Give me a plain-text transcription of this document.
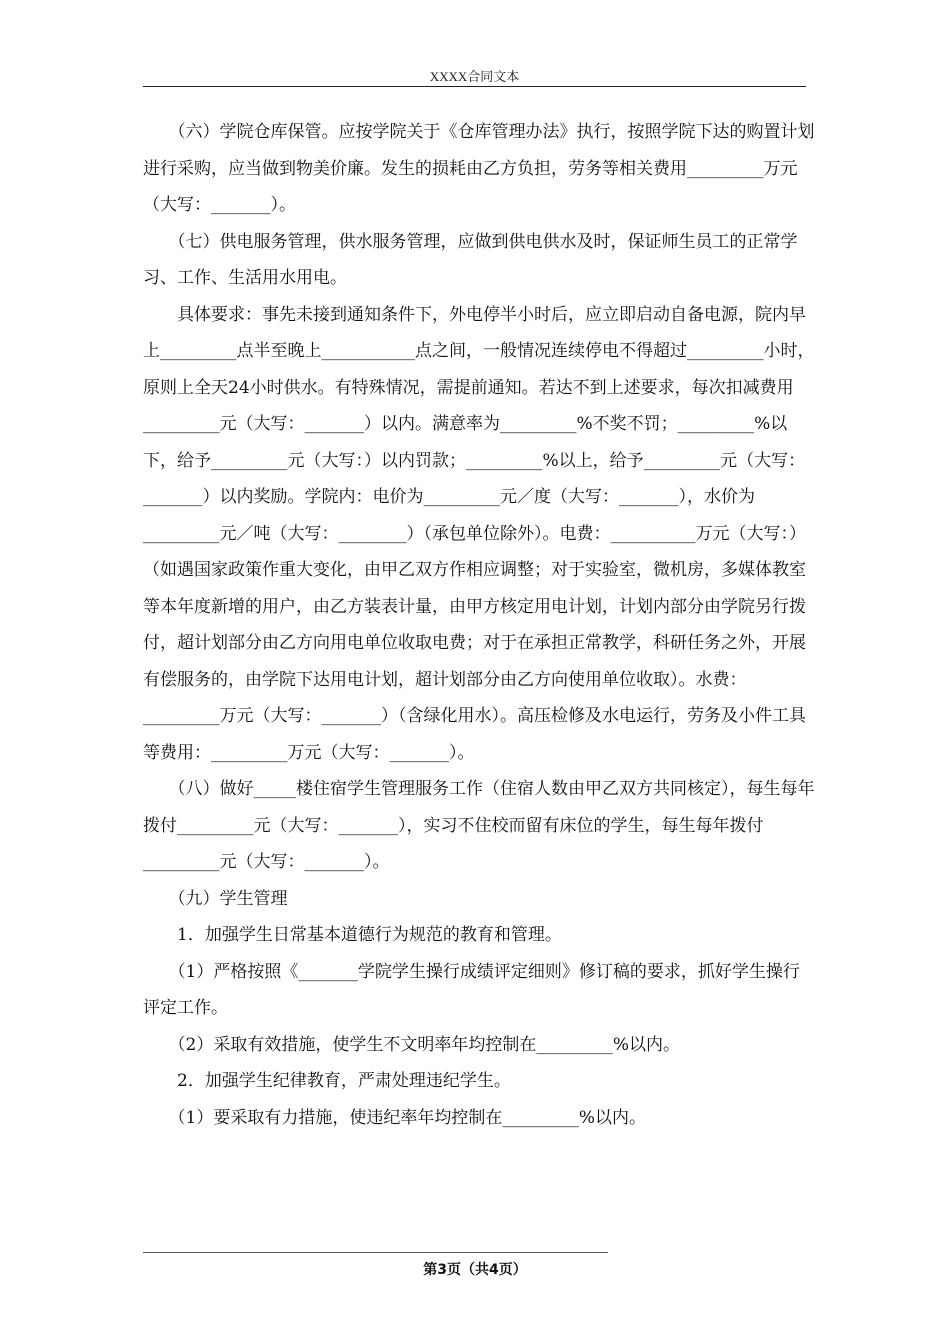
XXXX合同文本

　　（六）学院仓库保管。应按学院关于《仓库管理办法》执行，按照学院下达的购置计划进行采购，应当做到物美价廉。发生的损耗由乙方负担，劳务等相关费用_________万元（大写：_______）。

　　（七）供电服务管理，供水服务管理，应做到供电供水及时，保证师生员工的正常学习、工作、生活用水用电。

　　具体要求：事先未接到通知条件下，外电停半小时后，应立即启动自备电源，院内早上_________点半至晚上___________点之间，一般情况连续停电不得超过_________小时，原则上全天24小时供水。有特殊情况，需提前通知。若达不到上述要求，每次扣减费用_________元（大写：_______）以内。满意率为_________%不奖不罚；_________%以下，给予_________元（大写：）以内罚款；_________%以上，给予_________元（大写：_______）以内奖励。学院内：电价为_________元／度（大写：_______），水价为_________元／吨（大写：________）（承包单位除外）。电费：__________万元（大写：）（如遇国家政策作重大变化，由甲乙双方作相应调整；对于实验室，微机房，多媒体教室等本年度新增的用户，由乙方装表计量，由甲方核定用电计划，计划内部分由学院另行拨付，超计划部分由乙方向用电单位收取电费；对于在承担正常教学，科研任务之外，开展有偿服务的，由学院下达用电计划，超计划部分由乙方向使用单位收取）。水费：_________万元（大写：_______）（含绿化用水）。高压检修及水电运行，劳务及小件工具等费用：_________万元（大写：_______）。

　　（八）做好_____楼住宿学生管理服务工作（住宿人数由甲乙双方共同核定），每生每年拨付_________元（大写：_______），实习不住校而留有床位的学生，每生每年拨付_________元（大写：_______）。

　　（九）学生管理

　　1．加强学生日常基本道德行为规范的教育和管理。

　　（1）严格按照《_______学院学生操行成绩评定细则》修订稿的要求，抓好学生操行评定工作。

　　（2）采取有效措施，使学生不文明率年均控制在_________%以内。

　　2．加强学生纪律教育，严肃处理违纪学生。

　　（1）要采取有力措施，使违纪率年均控制在_________%以内。

第3页（共4页）
